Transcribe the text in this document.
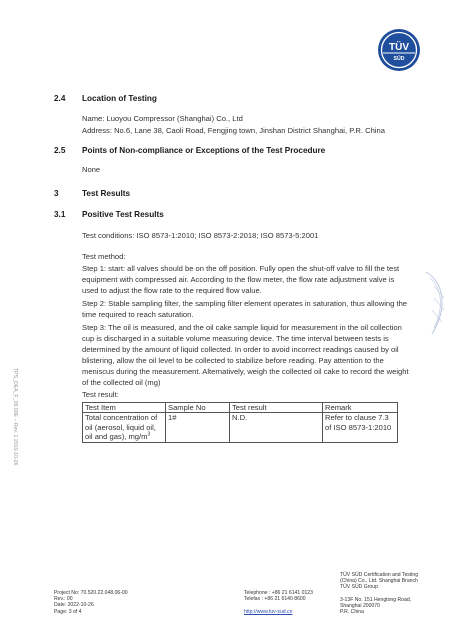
TÜV
SÜD
2.4 Location of Testing
Name: Luoyou Compressor (Shanghai) Co., Ltd
Address: No.6, Lane 38, Caoli Road, Fengjing town, Jinshan District Shanghai, P.R. China
2.5 Points of Non-compliance or Exceptions of the Test Procedure
None
3	Test Results
3.1 Positive Test Results
Test conditions: ISO 8573-1:2010; ISO 8573-2:2018; ISO 8573-5:2001
Test method:
Step 1: start: all valves should be on the off position. Fully open the shut-off valve to fill the test equipment with compressed air. According to the flow meter, the flow rate adjustment valve is used to adjust the flow rate to the required flow value.
Step 2: Stable sampling filter, the sampling filter element operates in saturation, thus allowing the time required to reach saturation.
Step 3: The oil is measured, and the oil cake sample liquid for measurement in the oil collection cup is discharged in a suitable volume measuring device. The time interval between tests is determined by the amount of liquid collected. In order to avoid incorrect readings caused by oil blistering, allow the oil level to be collected to stabilize before reading. Pay attention to the meniscus during the measurement. Alternatively, weigh the collected oil cake to record the weight of the collected oil (mg)
Test result:
Test Item	Sample No	Test result	Remark
Total concentration of oil (aerosol, liquid oil, oil and gas), $mg/m^3$	1#	N.D.	Refer to clause 7.3 of ISO 8573-1:2010
TPS_DEA_F_09.00E – Rev. 1 2010-10-26
Project No: 70.520.22.048.06-00
Rev.: 00
Date: 2022-10-26
Page: 3 of 4
Telephone : +86 21 6141 0123
Telefax : +86 21 6140 8600
http://www.tuv-sud.cn
TÜV SÜD Certification and Testing
(China) Co., Ltd. Shanghai Branch
TÜV SÜD Group
3-13F No. 151 Hengtong Road,
Shanghai 200070
P.R. China
